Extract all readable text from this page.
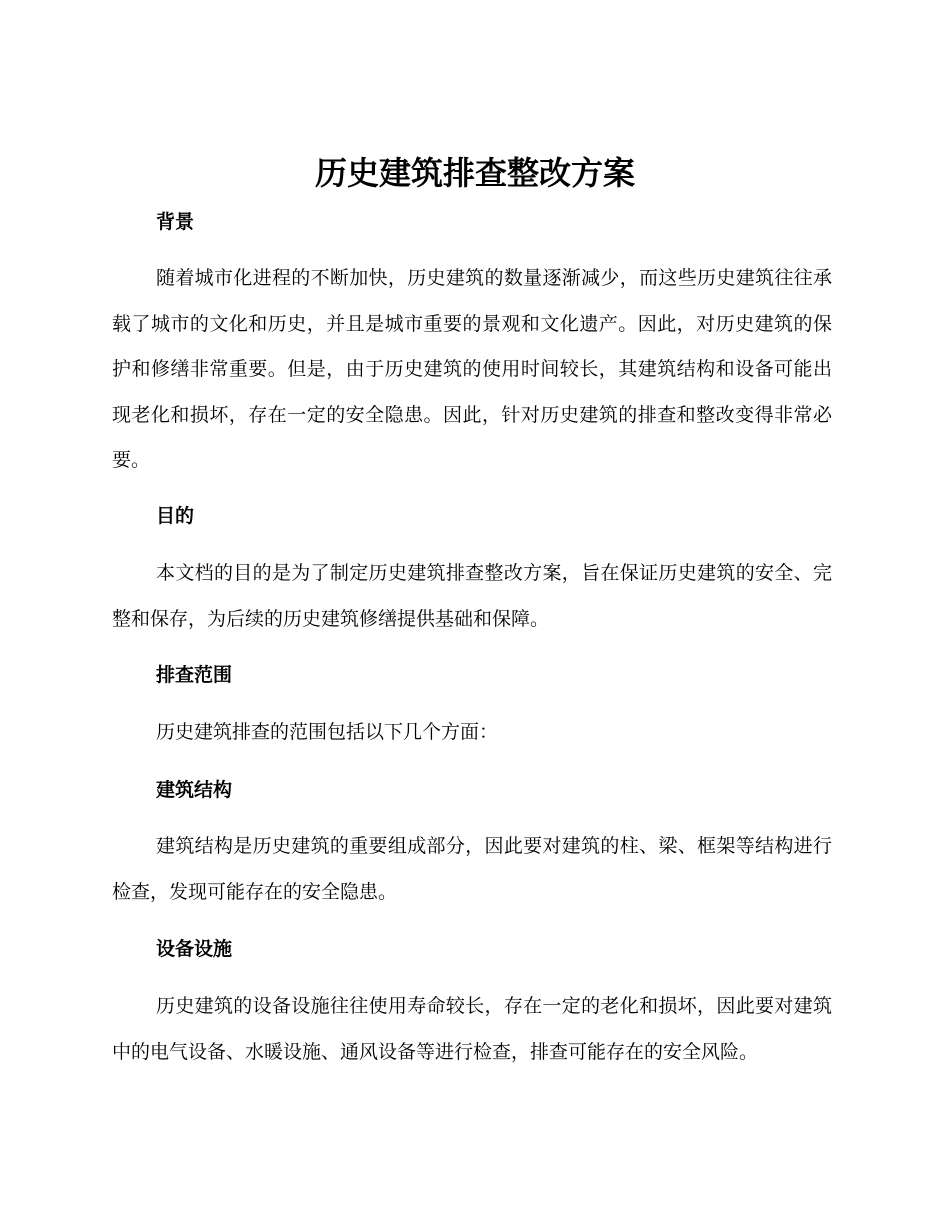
历史建筑排查整改方案
背景

随着城市化进程的不断加快，历史建筑的数量逐渐减少，而这些历史建筑往往承载了城市的文化和历史，并且是城市重要的景观和文化遗产。因此，对历史建筑的保护和修缮非常重要。但是，由于历史建筑的使用时间较长，其建筑结构和设备可能出现老化和损坏，存在一定的安全隐患。因此，针对历史建筑的排查和整改变得非常必要。

目的

本文档的目的是为了制定历史建筑排查整改方案，旨在保证历史建筑的安全、完整和保存，为后续的历史建筑修缮提供基础和保障。

排查范围

历史建筑排查的范围包括以下几个方面：

建筑结构

建筑结构是历史建筑的重要组成部分，因此要对建筑的柱、梁、框架等结构进行检查，发现可能存在的安全隐患。

设备设施

历史建筑的设备设施往往使用寿命较长，存在一定的老化和损坏，因此要对建筑中的电气设备、水暖设施、通风设备等进行检查，排查可能存在的安全风险。
